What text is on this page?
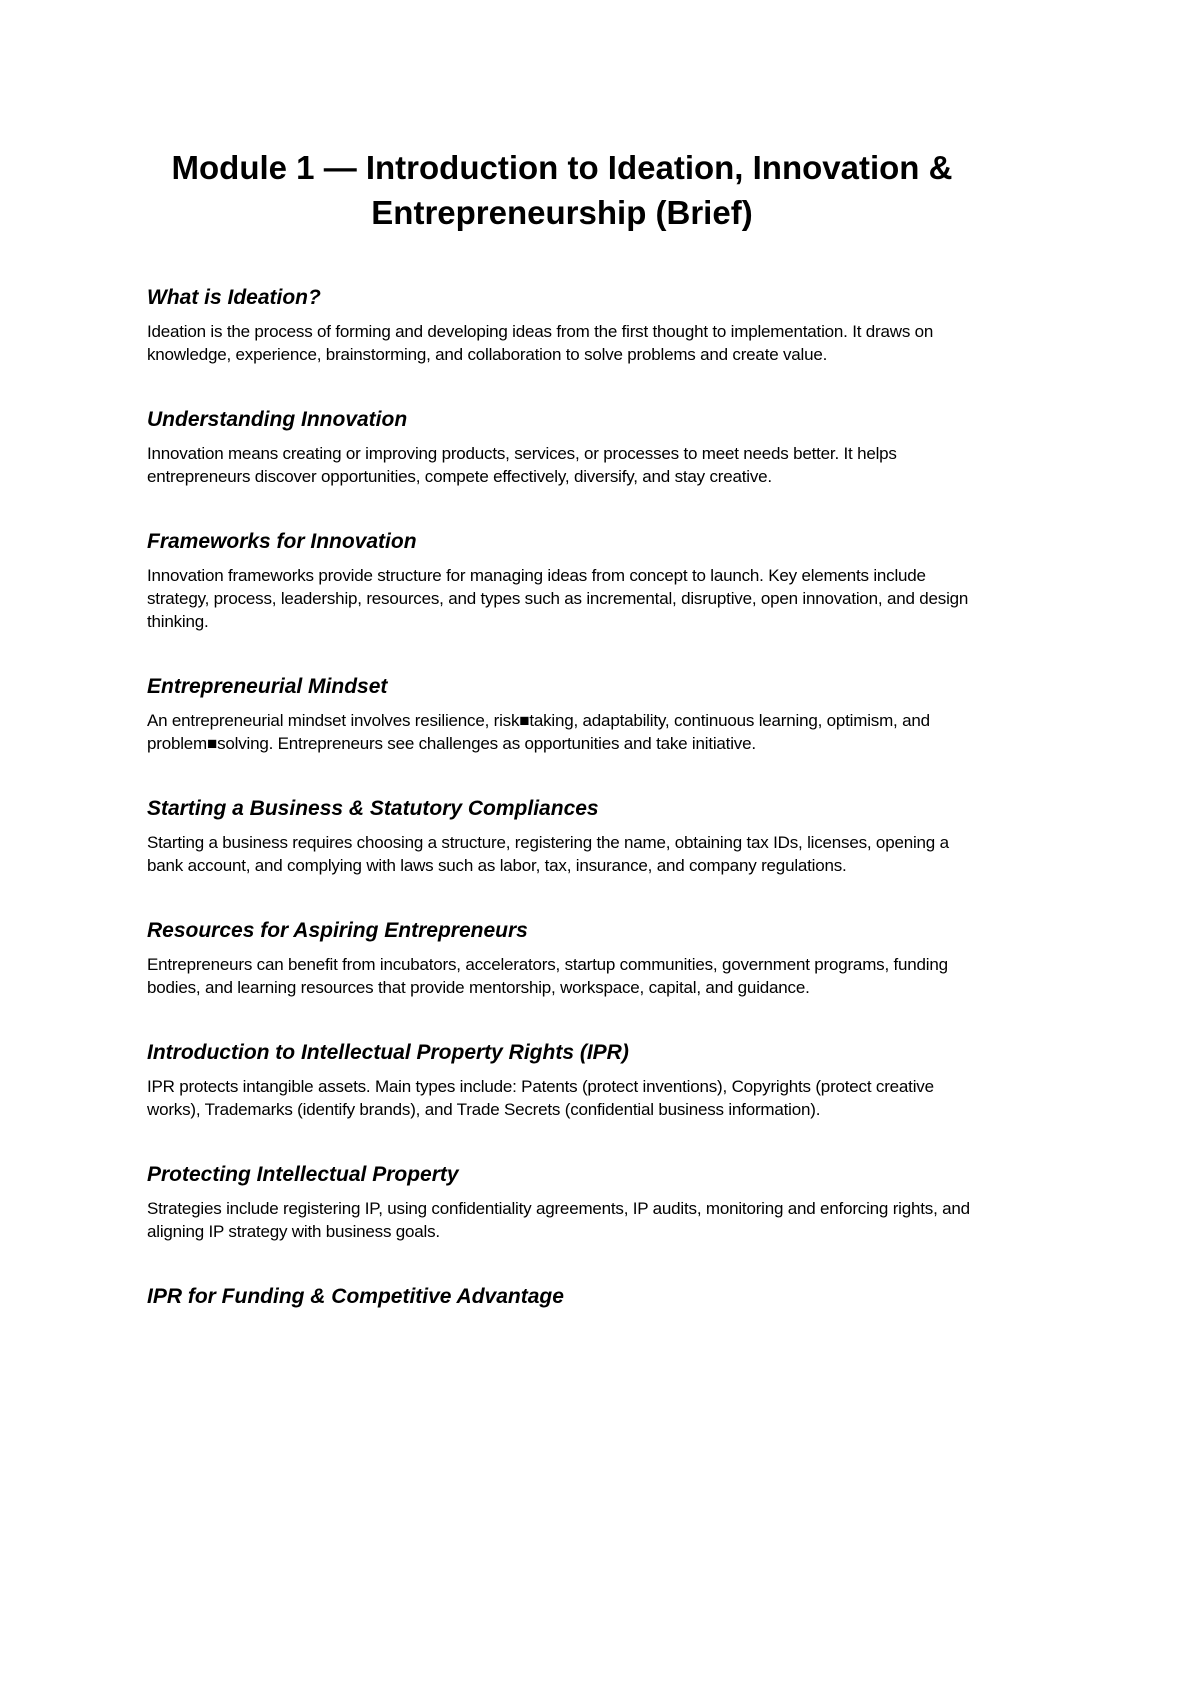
Module 1 — Introduction to Ideation, Innovation & Entrepreneurship (Brief)
What is Ideation?

Ideation is the process of forming and developing ideas from the first thought to implementation. It draws on knowledge, experience, brainstorming, and collaboration to solve problems and create value.

Understanding Innovation

Innovation means creating or improving products, services, or processes to meet needs better. It helps entrepreneurs discover opportunities, compete effectively, diversify, and stay creative.

Frameworks for Innovation

Innovation frameworks provide structure for managing ideas from concept to launch. Key elements include strategy, process, leadership, resources, and types such as incremental, disruptive, open innovation, and design thinking.

Entrepreneurial Mindset

An entrepreneurial mindset involves resilience, risk■taking, adaptability, continuous learning, optimism, and problem■solving. Entrepreneurs see challenges as opportunities and take initiative.

Starting a Business & Statutory Compliances

Starting a business requires choosing a structure, registering the name, obtaining tax IDs, licenses, opening a bank account, and complying with laws such as labor, tax, insurance, and company regulations.

Resources for Aspiring Entrepreneurs

Entrepreneurs can benefit from incubators, accelerators, startup communities, government programs, funding bodies, and learning resources that provide mentorship, workspace, capital, and guidance.

Introduction to Intellectual Property Rights (IPR)

IPR protects intangible assets. Main types include: Patents (protect inventions), Copyrights (protect creative works), Trademarks (identify brands), and Trade Secrets (confidential business information).

Protecting Intellectual Property

Strategies include registering IP, using confidentiality agreements, IP audits, monitoring and enforcing rights, and aligning IP strategy with business goals.

IPR for Funding & Competitive Advantage
